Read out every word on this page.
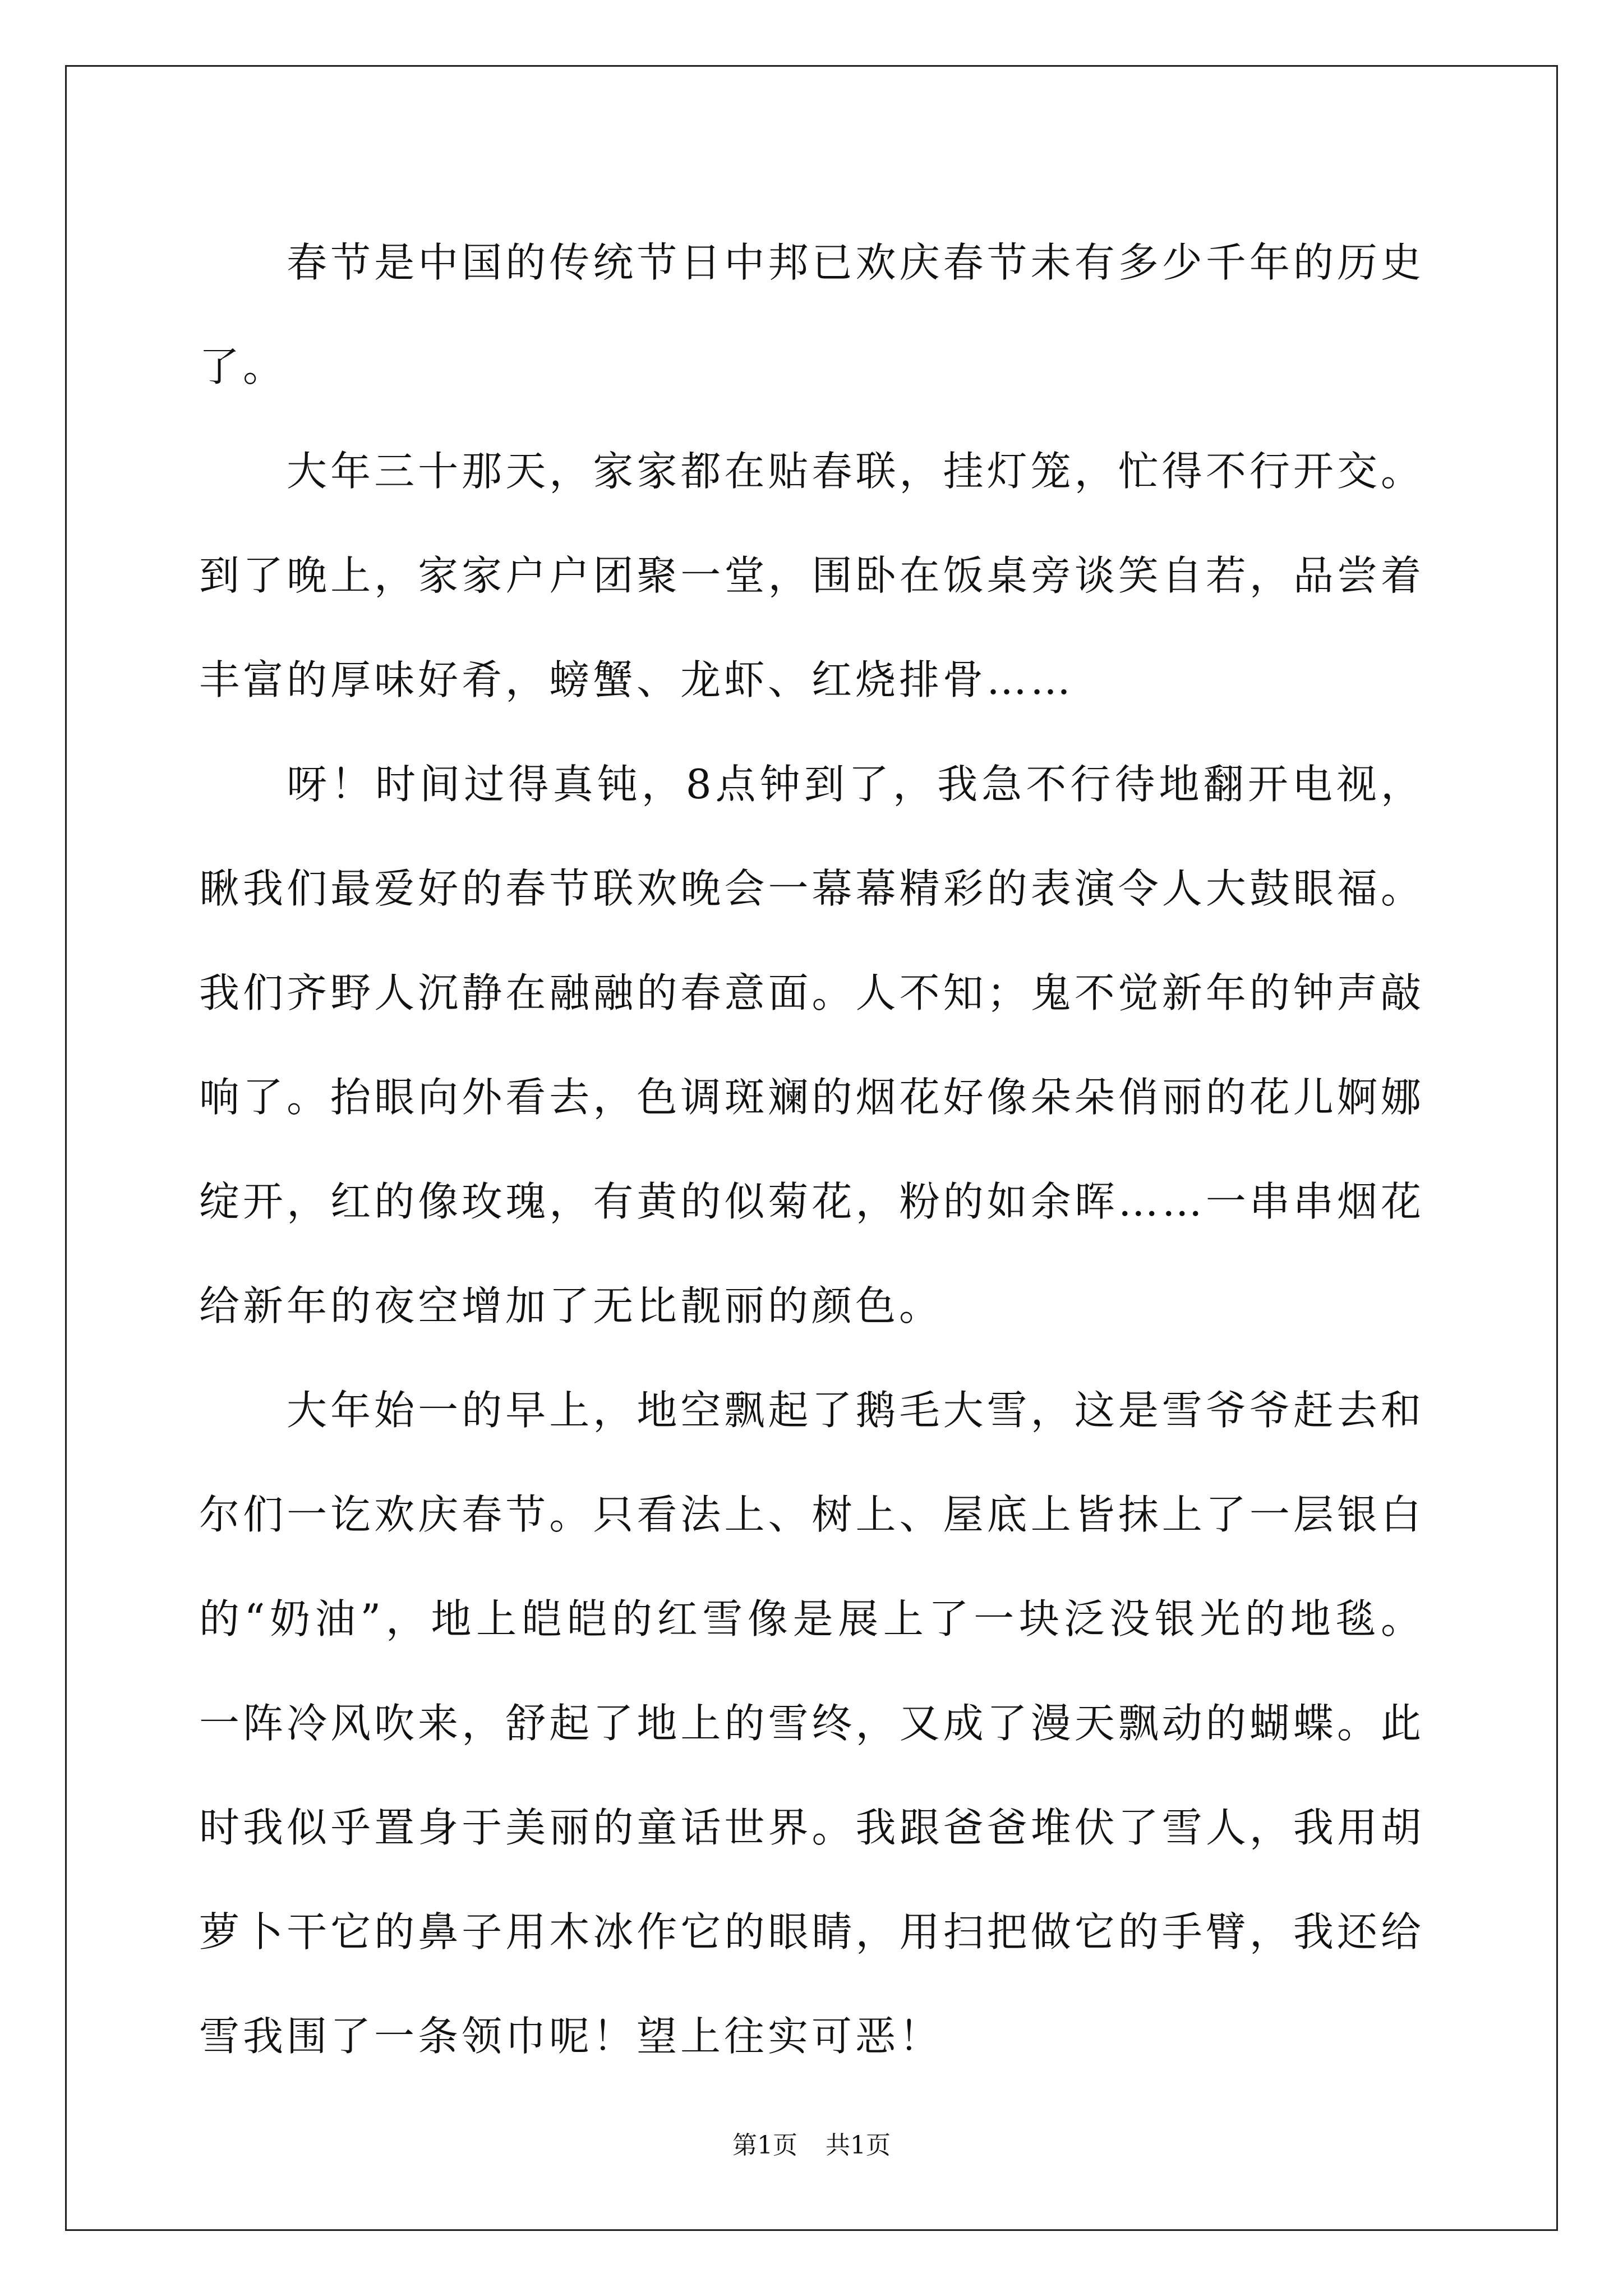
春节是中国的传统节日中邦已欢庆春节未有多少千年的历史了。

大年三十那天，家家都在贴春联，挂灯笼，忙得不行开交。到了晚上，家家户户团聚一堂，围卧在饭桌旁谈笑自若，品尝着丰富的厚味好肴，螃蟹、龙虾、红烧排骨……

呀！时间过得真钝，8点钟到了，我急不行待地翻开电视，瞅我们最爱好的春节联欢晚会一幕幕精彩的表演令人大鼓眼福。我们齐野人沉静在融融的春意面。人不知；鬼不觉新年的钟声敲响了。抬眼向外看去，色调斑斓的烟花好像朵朵俏丽的花儿婀娜绽开，红的像玫瑰，有黄的似菊花，粉的如余晖……一串串烟花给新年的夜空增加了无比靓丽的颜色。

大年始一的早上，地空飘起了鹅毛大雪，这是雪爷爷赶去和尔们一讫欢庆春节。只看法上、树上、屋底上皆抹上了一层银白的“奶油”，地上皑皑的红雪像是展上了一块泛没银光的地毯。一阵冷风吹来，舒起了地上的雪终，又成了漫天飘动的蝴蝶。此时我似乎置身于美丽的童话世界。我跟爸爸堆伏了雪人，我用胡萝卜干它的鼻子用木冰作它的眼睛，用扫把做它的手臂，我还给雪我围了一条领巾呢！望上往实可恶！

第1页 共1页
